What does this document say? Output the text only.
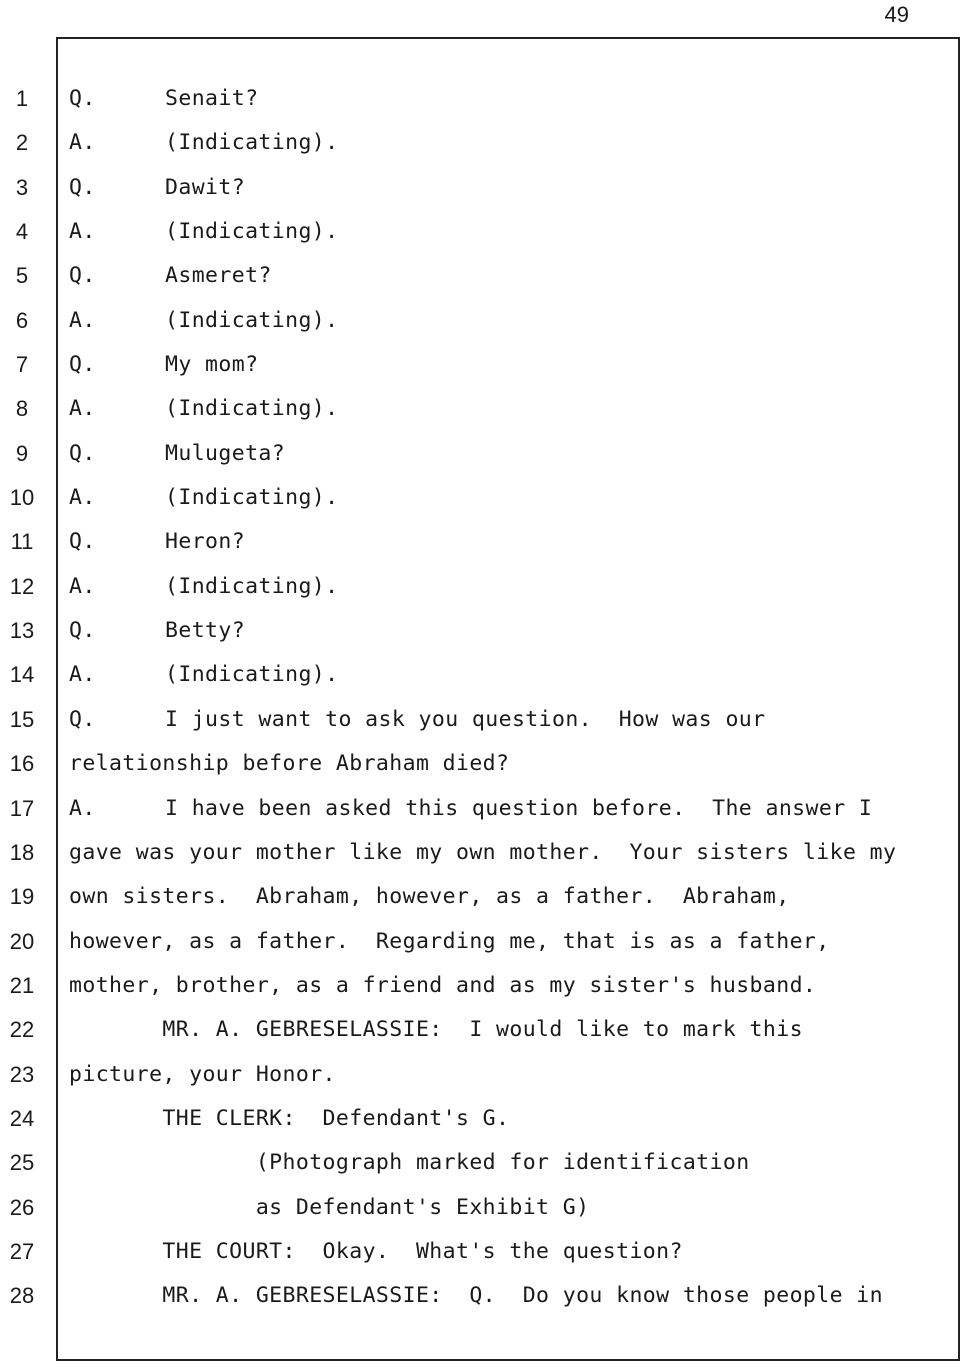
49
1
2
3
4
5
6
7
8
9
10
11
12
13
14
15
16
17
18
19
20
21
22
23
24
25
26
27
28
Q.	Senait?
A.	(Indicating).
Q.	Dawit?
A.	(Indicating).
Q.	Asmeret?
A.	(Indicating).
Q.	My mom?
A.	(Indicating).
Q.	Mulugeta?
A.	(Indicating).
Q.	Heron?
A.	(Indicating).
Q.	Betty?
A.	(Indicating).
Q.	I just want to ask you question.  How was our
relationship before Abraham died?
A.	I have been asked this question before.  The answer I
gave was your mother like my own mother.  Your sisters like my
own sisters.  Abraham, however, as a father.  Abraham,
however, as a father.  Regarding me, that is as a father,
mother, brother, as a friend and as my sister's husband.
MR. A. GEBRESELASSIE:  I would like to mark this
picture, your Honor.
THE CLERK:  Defendant's G.
(Photograph marked for identification
as Defendant's Exhibit G)
THE COURT:  Okay.  What's the question?
MR. A. GEBRESELASSIE:  Q.  Do you know those people in
